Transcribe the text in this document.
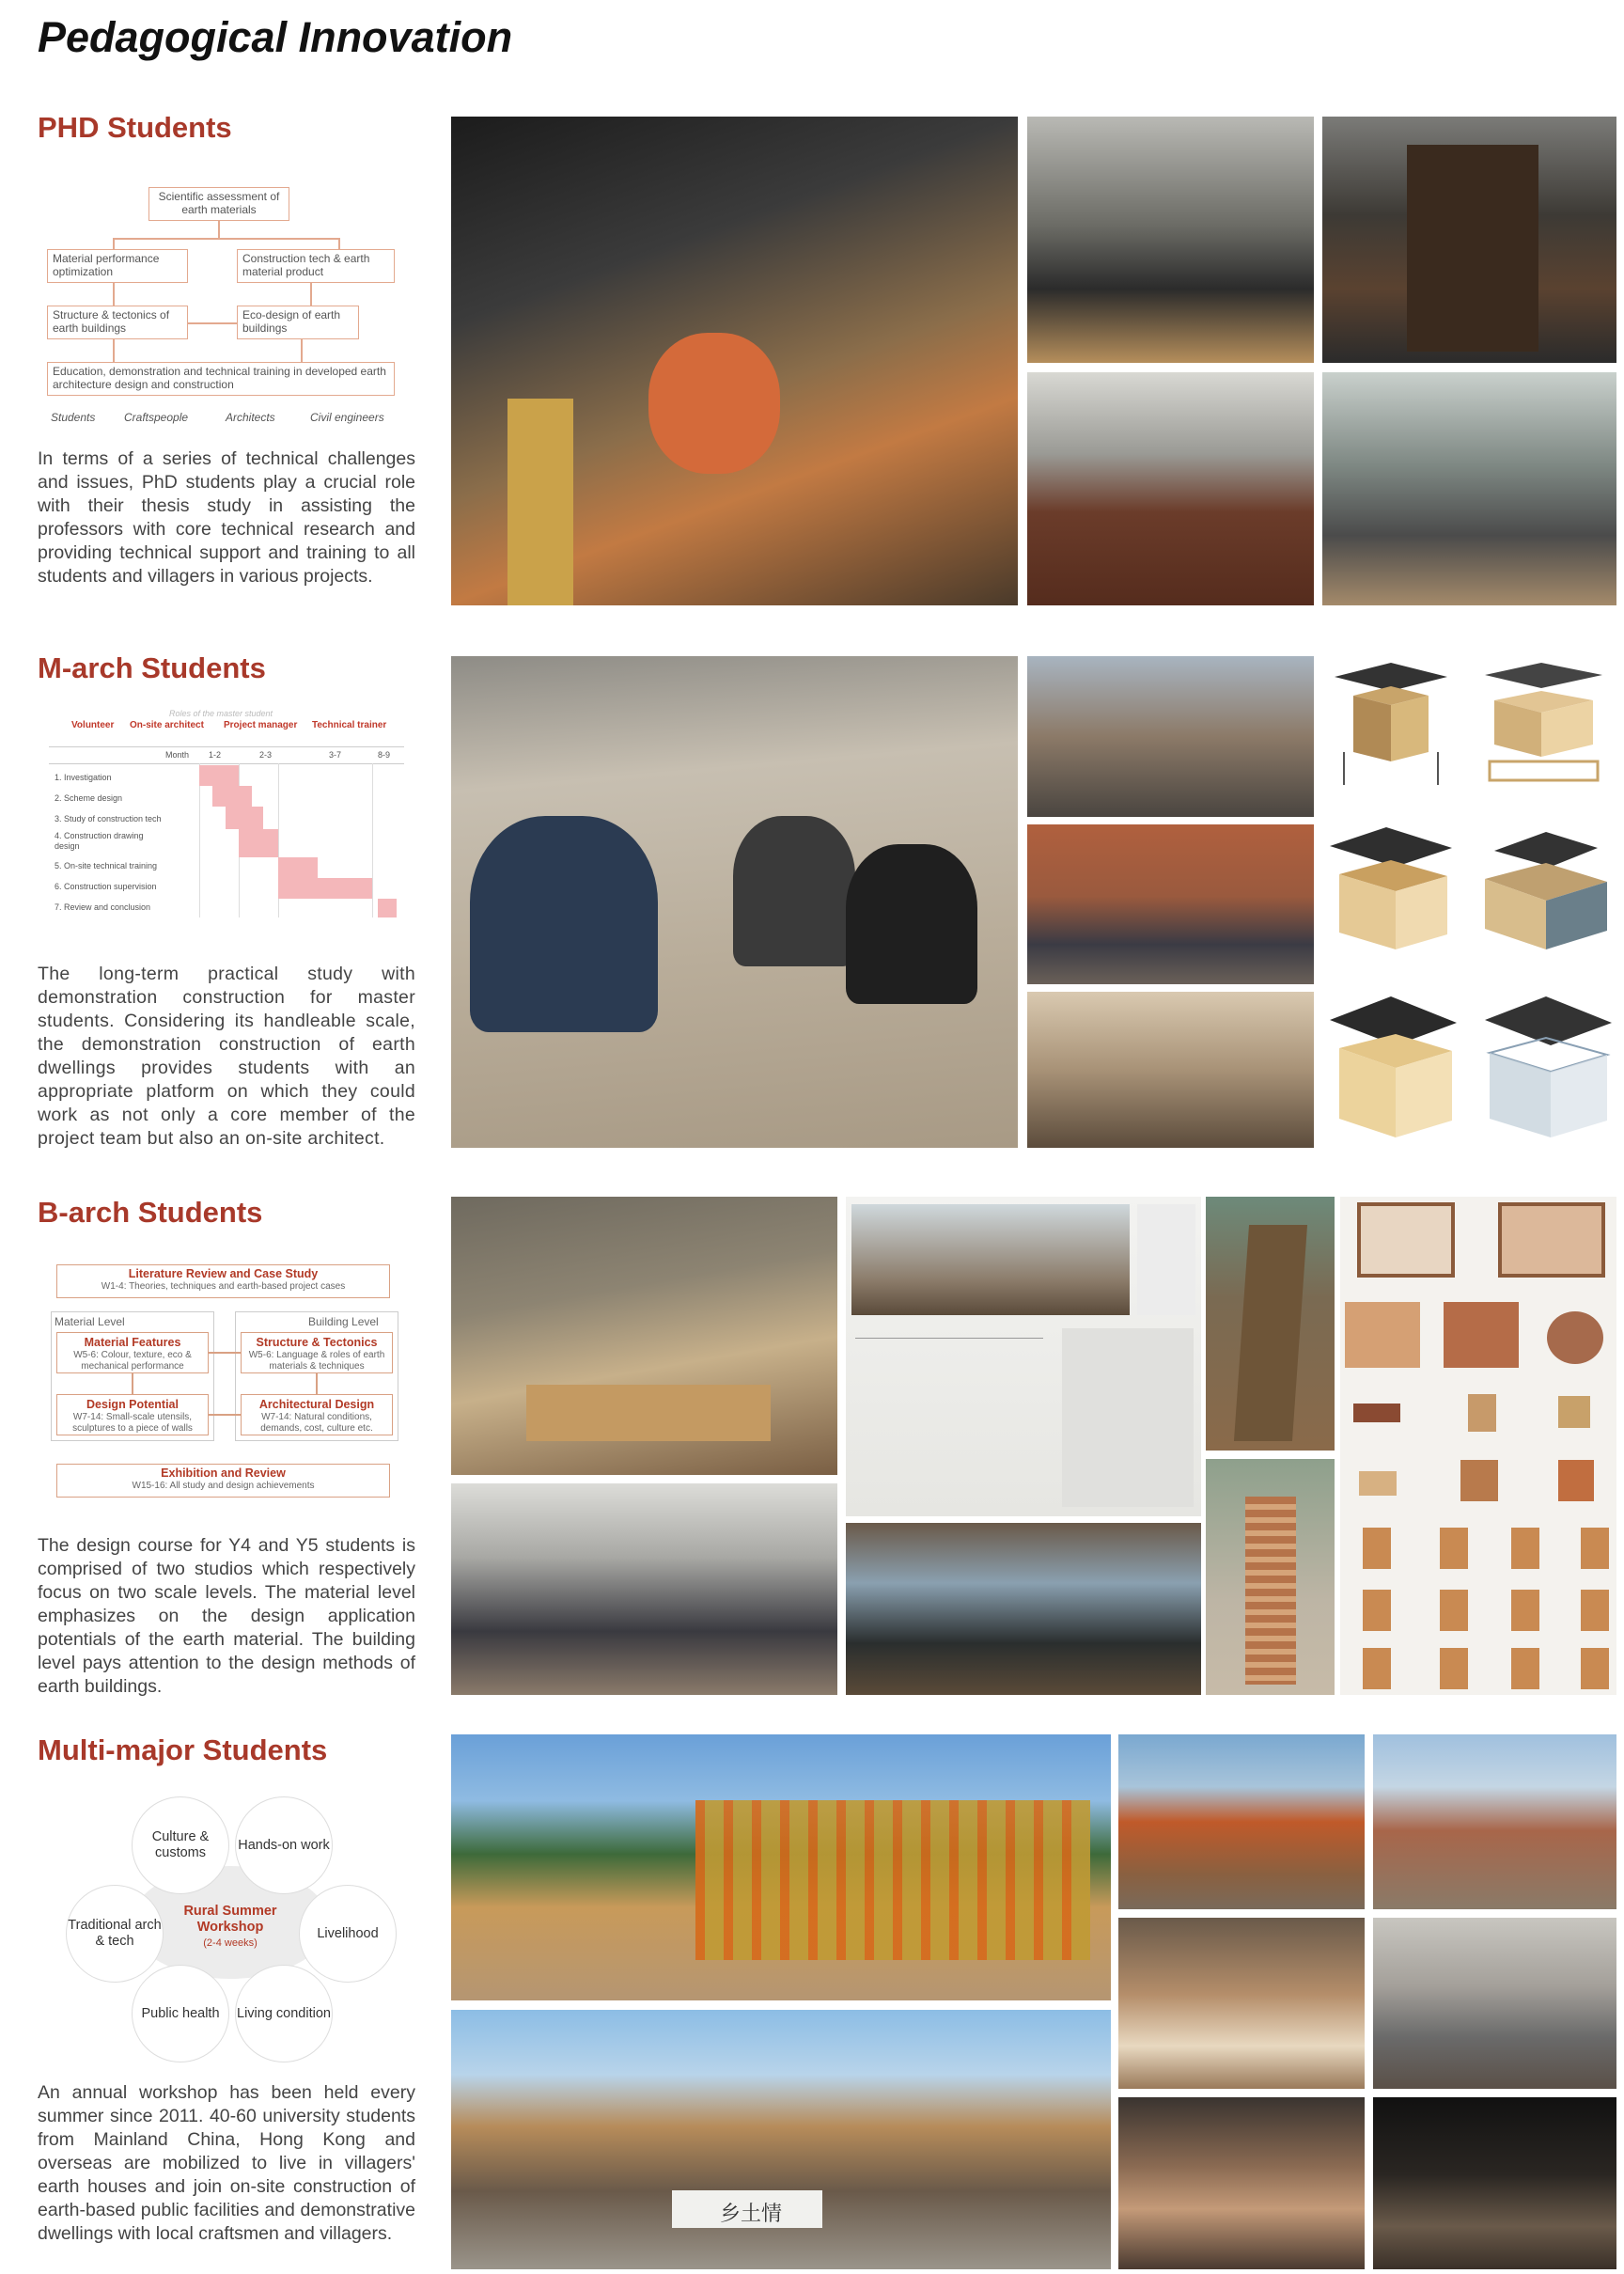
Pedagogical Innovation
PHD Students
Scientific assessment of earth materials
Material performance optimization
Construction tech & earth material product
Structure & tectonics of earth buildings
Eco-design of earth buildings
Education, demonstration and technical training in developed earth architecture design and construction
Students	Craftspeople	Architects	Civil engineers
In terms of a series of technical challenges and issues, PhD students play a crucial role with their thesis study in assisting the professors with core technical research and providing technical support and training to all students and villagers in various projects.
M-arch Students
Roles of the master student
Volunteer On-site architect Project manager Technical trainer
Month 1-2	2-3	3-7	8-9
1. Investigation
2. Scheme design
3. Study of construction tech
4. Construction drawing design
5. On-site technical training
6. Construction supervision
7. Review and conclusion
The long-term practical study with demonstration construction for master students. Considering its handleable scale, the demonstration construction of earth dwellings provides students with an appropriate platform on which they could work as not only a core member of the project team but also an on-site architect.
B-arch Students
Literature Review and Case Study
W1-4: Theories, techniques and earth-based project cases
Material Level	Building Level
Material Features
W5-6: Colour, texture, eco & mechanical performance
Structure & Tectonics
W5-6: Language & roles of earth materials & techniques
Design Potential
W7-14: Small-scale utensils, sculptures to a piece of walls
Architectural Design
W7-14: Natural conditions, demands, cost, culture etc.
Exhibition and Review
W15-16: All study and design achievements
The design course for Y4 and Y5 students is comprised of two studios which respectively focus on two scale levels. The material level emphasizes on the design application potentials of the earth material. The building level pays attention to the design methods of earth buildings.
Multi-major Students
Culture & customs
Hands-on work
Traditional arch & tech
Livelihood
Public health	Living condition
Rural Summer Workshop
(2-4 weeks)
An annual workshop has been held every summer since 2011. 40-60 university students from Mainland China, Hong Kong and overseas are mobilized to live in villagers' earth houses and join on-site construction of earth-based public facilities and demonstrative dwellings with local craftsmen and villagers.
乡土情
